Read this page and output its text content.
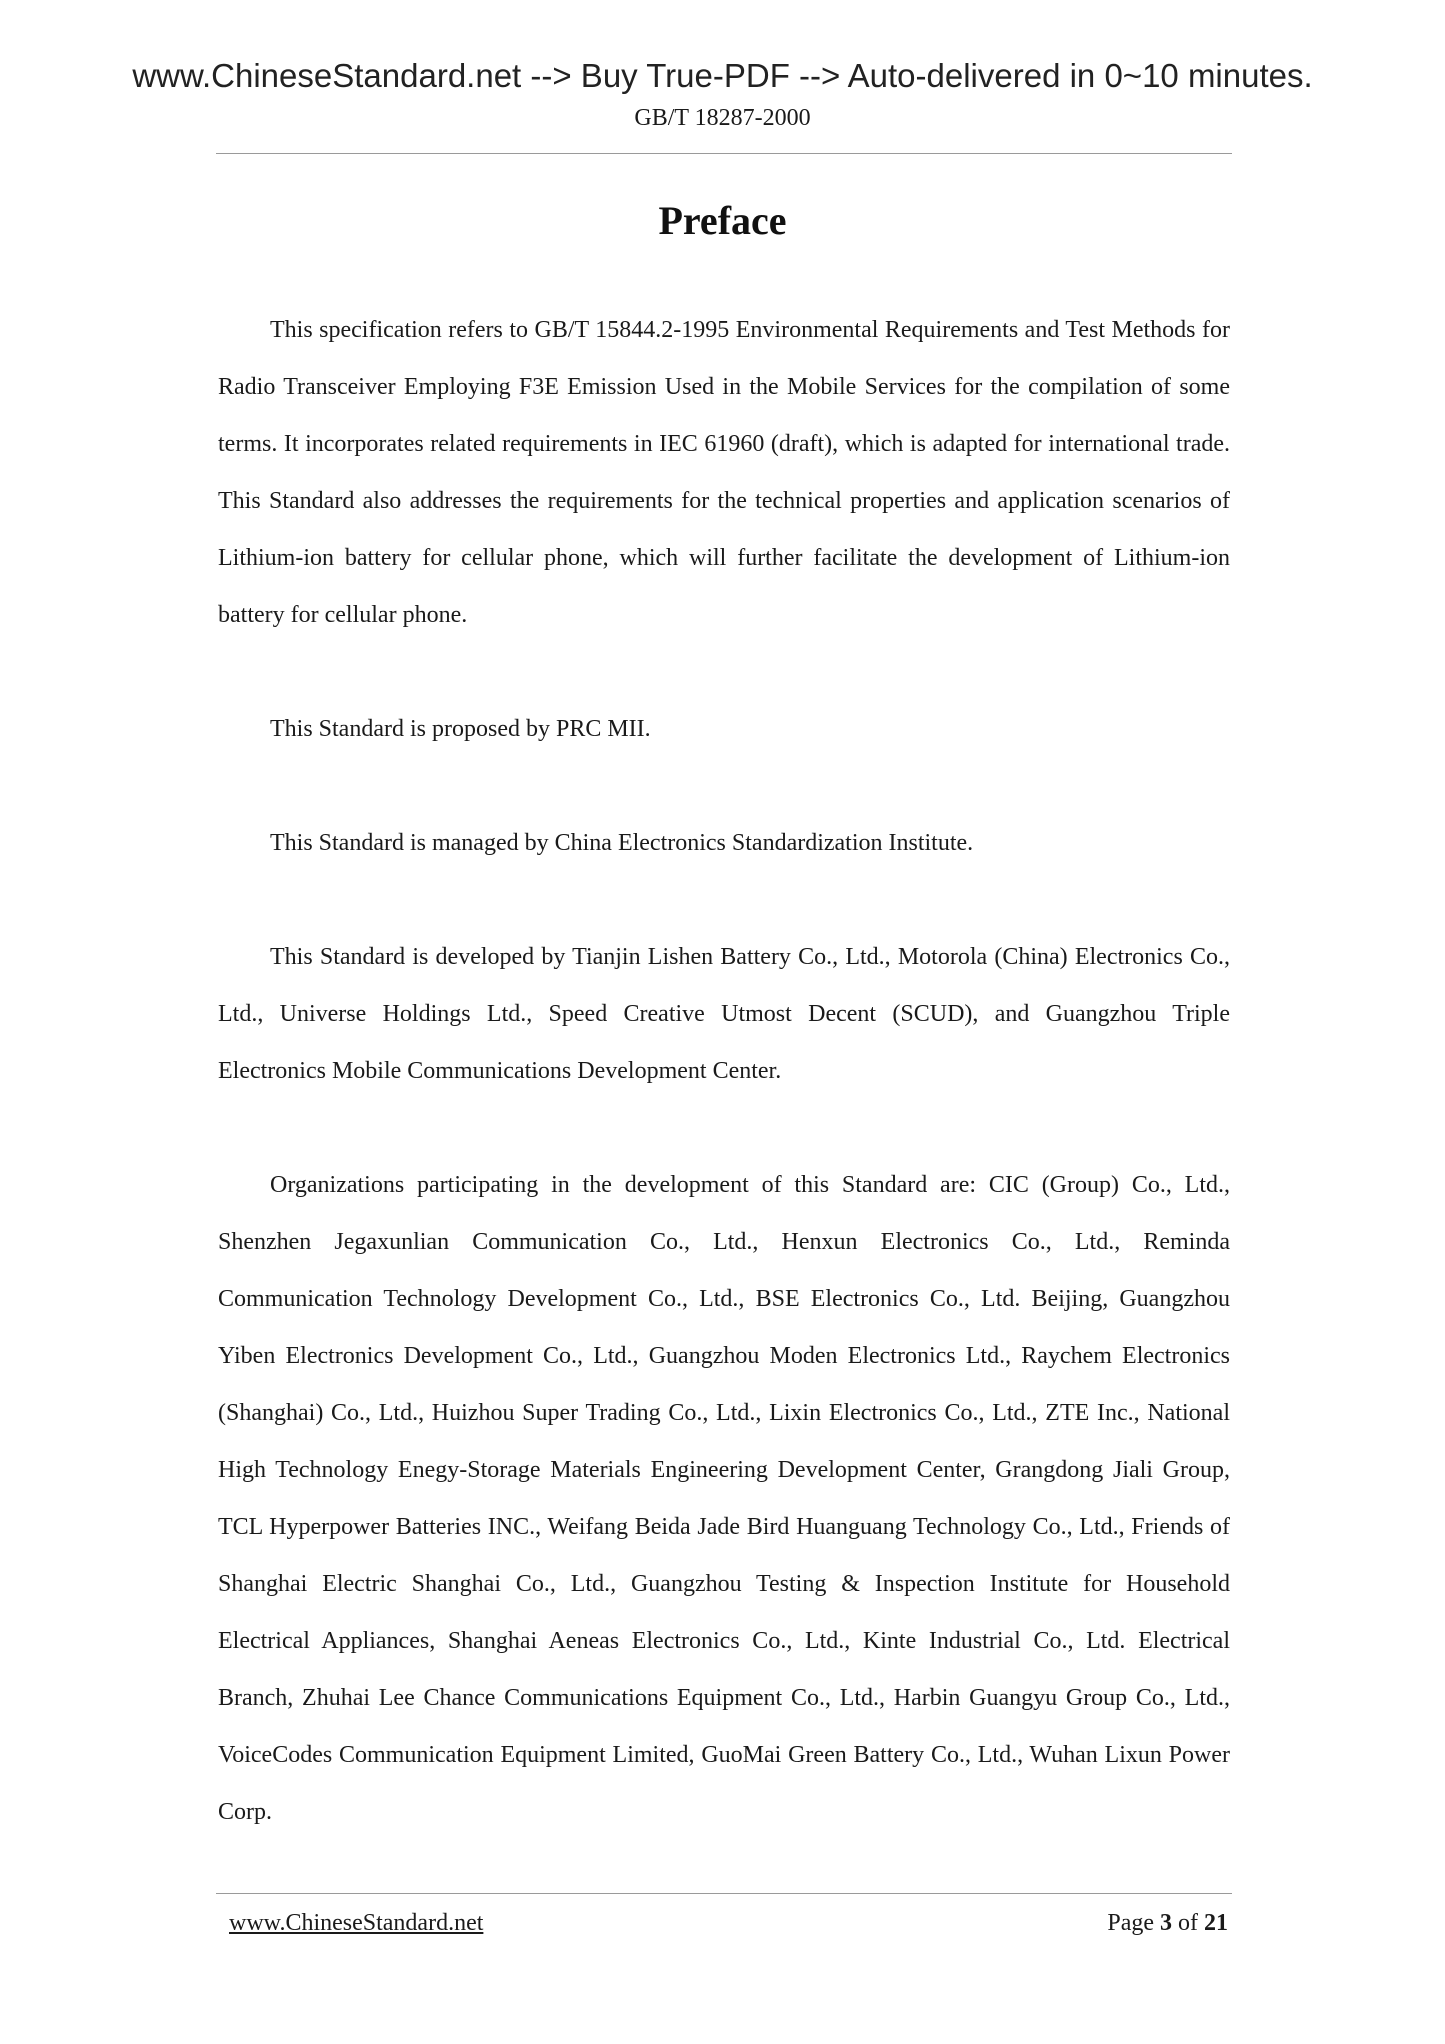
www.ChineseStandard.net --> Buy True-PDF --> Auto-delivered in 0~10 minutes.
GB/T 18287-2000
Preface

This specification refers to GB/T 15844.2-1995 Environmental Requirements and Test Methods for Radio Transceiver Employing F3E Emission Used in the Mobile Services for the compilation of some terms. It incorporates related requirements in IEC 61960 (draft), which is adapted for international trade. This Standard also addresses the requirements for the technical properties and application scenarios of Lithium-ion battery for cellular phone, which will further facilitate the development of Lithium-ion battery for cellular phone.

This Standard is proposed by PRC MII.

This Standard is managed by China Electronics Standardization Institute.

This Standard is developed by Tianjin Lishen Battery Co., Ltd., Motorola (China) Electronics Co., Ltd., Universe Holdings Ltd., Speed Creative Utmost Decent (SCUD), and Guangzhou Triple Electronics Mobile Communications Development Center.

Organizations participating in the development of this Standard are: CIC (Group) Co., Ltd., Shenzhen Jegaxunlian Communication Co., Ltd., Henxun Electronics Co., Ltd., Reminda Communication Technology Development Co., Ltd., BSE Electronics Co., Ltd. Beijing, Guangzhou Yiben Electronics Development Co., Ltd., Guangzhou Moden Electronics Ltd., Raychem Electronics (Shanghai) Co., Ltd., Huizhou Super Trading Co., Ltd., Lixin Electronics Co., Ltd., ZTE Inc., National High Technology Enegy-Storage Materials Engineering Development Center, Grangdong Jiali Group, TCL Hyperpower Batteries INC., Weifang Beida Jade Bird Huanguang Technology Co., Ltd., Friends of Shanghai Electric Shanghai Co., Ltd., Guangzhou Testing & Inspection Institute for Household Electrical Appliances, Shanghai Aeneas Electronics Co., Ltd., Kinte Industrial Co., Ltd. Electrical Branch, Zhuhai Lee Chance Communications Equipment Co., Ltd., Harbin Guangyu Group Co., Ltd., VoiceCodes Communication Equipment Limited, GuoMai Green Battery Co., Ltd., Wuhan Lixun Power Corp.

www.ChineseStandard.net	Page 3 of 21
